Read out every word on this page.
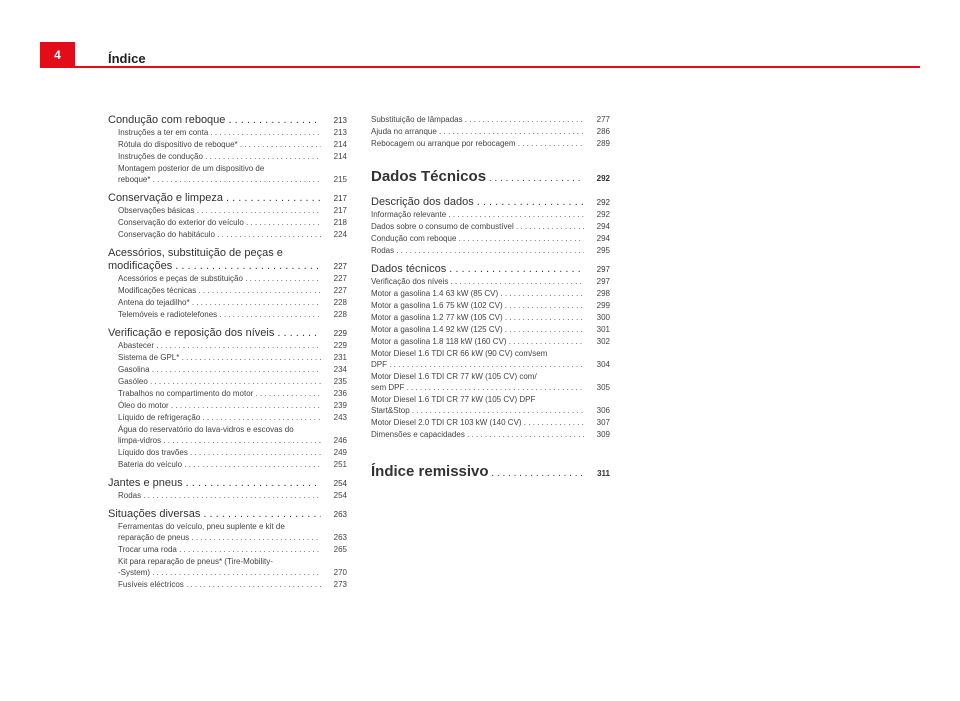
4	Índice
Condução com reboque . . .	213
Instruções a ter em conta . . .	213
Rótula do dispositivo de reboque* . . .	214
Instruções de condução . . .	214
Montagem posterior de um dispositivo de
reboque* . . .	215
Conservação e limpeza . . .	217
Observações básicas . . .	217
Conservação do exterior do veículo . . .	218
Conservação do habitáculo . . .	224
Acessórios, substituição de peças e
modificações . . .	227
Acessórios e peças de substituição . . .	227
Modificações técnicas . . .	227
Antena do tejadilho* . . .	228
Telemóveis e radiotelefones . . .	228
Verificação e reposição dos níveis . . .	229
Abastecer . . .	229
Sistema de GPL* . . .	231
Gasolina . . .	234
Gasóleo . . .	235
Trabalhos no compartimento do motor . . .	236
Óleo do motor . . .	239
Líquido de refrigeração . . .	243
Água do reservatório do lava-vidros e escovas do
limpa-vidros . . .	246
Líquido dos travões . . .	249
Bateria do veículo . . .	251
Jantes e pneus . . .	254
Rodas . . .	254
Situações diversas . . .	263
Ferramentas do veículo, pneu suplente e kit de
reparação de pneus . . .	263
Trocar uma roda . . .	265
Kit para reparação de pneus* (Tire-Mobility-
-System) . . .	270
Fusíveis eléctricos . . .	273
Substituição de lâmpadas . . .	277
Ajuda no arranque . . .	286
Rebocagem ou arranque por rebocagem . . .	289
Dados Técnicos . . .	292
Descrição dos dados . . .	292
Informação relevante . . .	292
Dados sobre o consumo de combustível . . .	294
Condução com reboque . . .	294
Rodas . . .	295
Dados técnicos . . .	297
Verificação dos níveis . . .	297
Motor a gasolina 1.4 63 kW (85 CV) . . .	298
Motor a gasolina 1.6 75 kW (102 CV) . . .	299
Motor a gasolina 1.2 77 kW (105 CV) . . .	300
Motor a gasolina 1.4 92 kW (125 CV) . . .	301
Motor a gasolina 1.8 118 kW (160 CV) . . .	302
Motor Diesel 1.6 TDI CR 66 kW (90 CV) com/sem
DPF . . .	304
Motor Diesel 1.6 TDI CR 77 kW (105 CV) com/
sem DPF . . .	305
Motor Diesel 1.6 TDI CR 77 kW (105 CV) DPF
Start&Stop . . .	306
Motor Diesel 2.0 TDI CR 103 kW (140 CV) . . .	307
Dimensões e capacidades . . .	309
Índice remissivo . . .	311
